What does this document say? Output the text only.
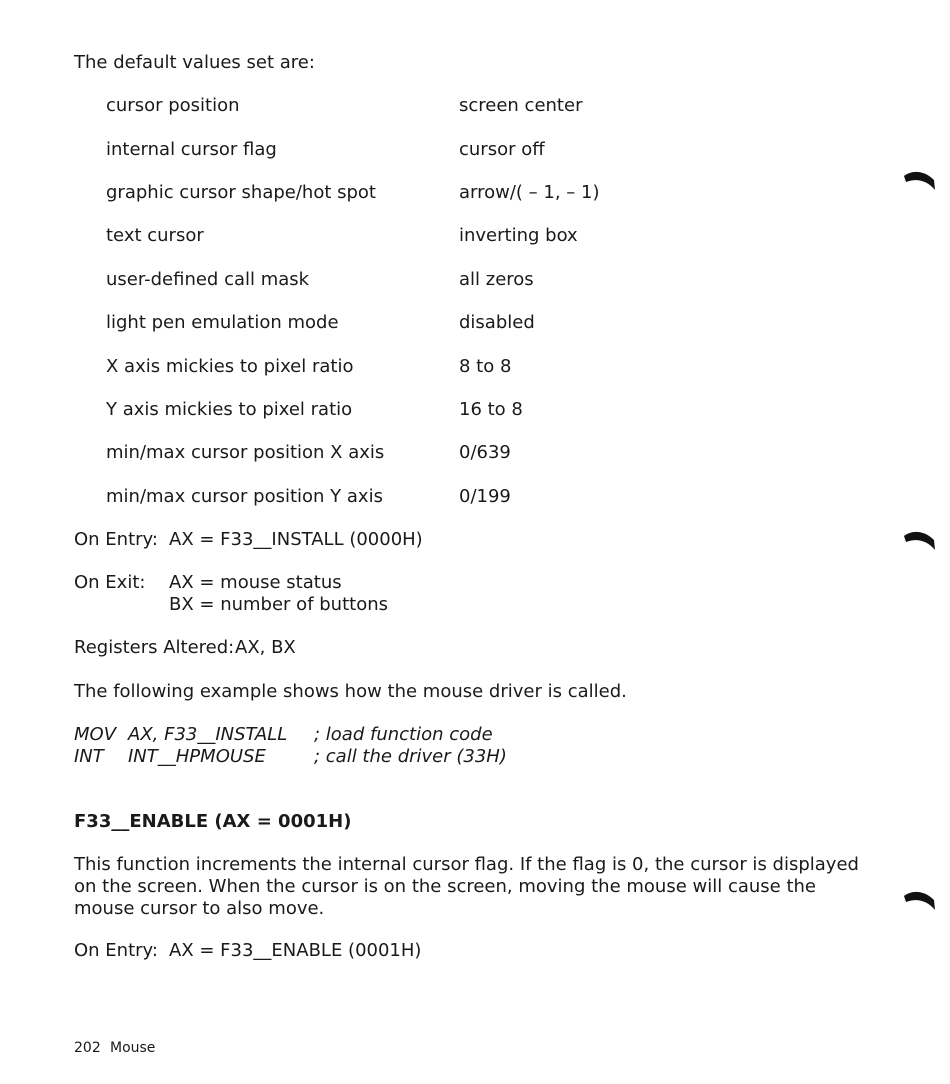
The default values set are:
cursor position	screen center
internal cursor flag	cursor off
graphic cursor shape/hot spot	arrow/( – 1, – 1)
text cursor	inverting box
user-defined call mask	all zeros
light pen emulation mode	disabled
X axis mickies to pixel ratio	8 to 8
Y axis mickies to pixel ratio	16 to 8
min/max cursor position X axis	0/639
min/max cursor position Y axis	0/199
On Entry: AX = F33__INSTALL (0000H)
On Exit: AX = mouse status
BX = number of buttons
Registers Altered: AX, BX
The following example shows how the mouse driver is called.
MOV AX, F33__INSTALL ; load function code
INT INT__HPMOUSE	; call the driver (33H)
F33__ENABLE (AX = 0001H)
This function increments the internal cursor flag. If the flag is 0, the cursor is displayed on the screen. When the cursor is on the screen, moving the mouse will cause the mouse cursor to also move.
On Entry: AX = F33__ENABLE (0001H)
202 Mouse
